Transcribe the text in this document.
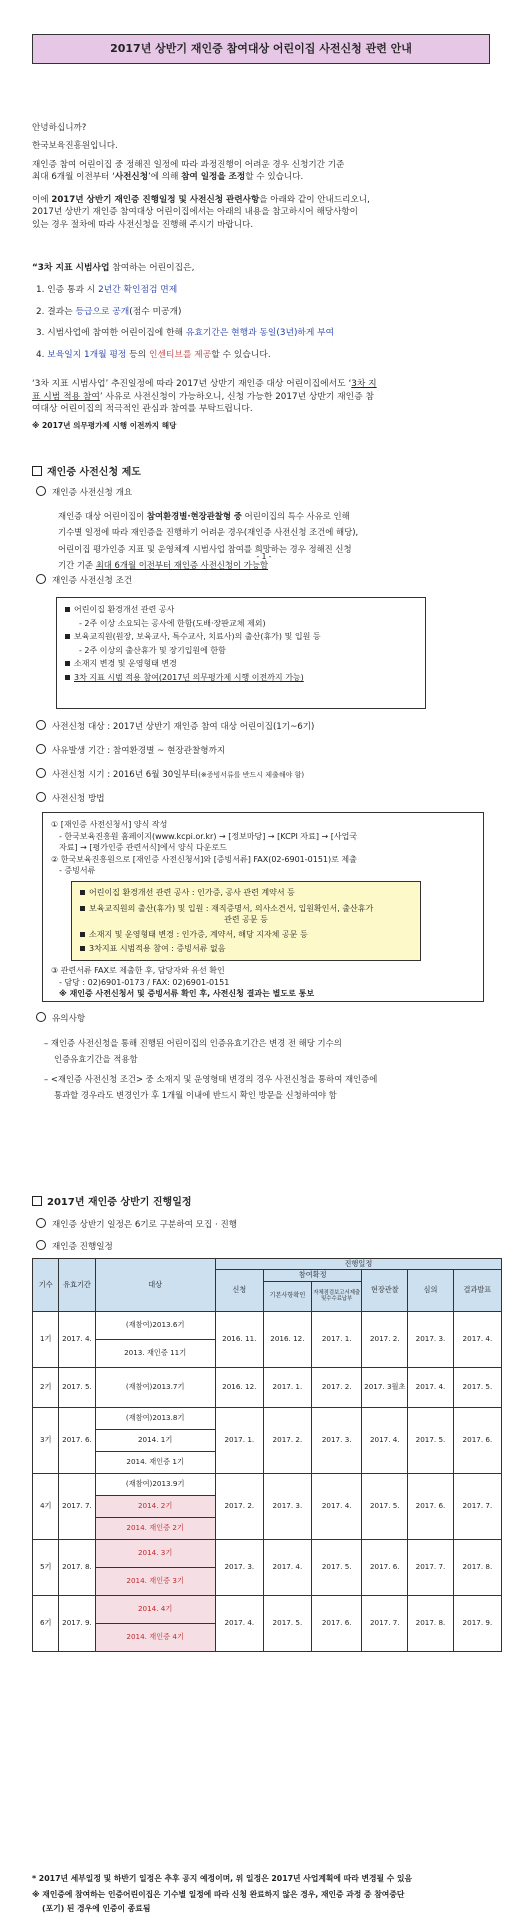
2017년 상반기 재인증 참여대상 어린이집 사전신청 관련 안내

안녕하십니까?

한국보육진흥원입니다.

재인증 참여 어린이집 중 정해진 일정에 따라 과정진행이 어려운 경우 신청기간 기준

최대 6개월 이전부터 ‘사전신청’에 의해 참여 일정을 조정할 수 있습니다.

이에 2017년 상반기 재인증 진행일정 및 사전신청 관련사항을 아래와 같이 안내드리오니,

2017년 상반기 재인증 참여대상 어린이집에서는 아래의 내용을 참고하시어 해당사항이

있는 경우 절차에 따라 사전신청을 진행해 주시기 바랍니다.

“3차 지표 시범사업 참여하는 어린이집은,

1. 인증 통과 시 2년간 확인점검 면제

2. 결과는 등급으로 공개(점수 미공개)

3. 시범사업에 참여한 어린이집에 한해 유효기간은 현행과 동일(3년)하게 부여

4. 보육일지 1개월 평정 등의 인센티브를 제공할 수 있습니다.

‘3차 지표 시범사업’ 추진일정에 따라 2017년 상반기 재인증 대상 어린이집에서도 ‘3차 지

표 시범 적용 참여’ 사유로 사전신청이 가능하오니, 신청 가능한 2017년 상반기 재인증 참

여대상 어린이집의 적극적인 관심과 참여를 부탁드립니다.

※ 2017년 의무평가제 시행 이전까지 해당

재인증 사전신청 제도
재인증 사전신청 개요

재인증 대상 어린이집이 참여환경별·현장관찰형 중 어린이집의 특수 사유로 인해

기수별 일정에 따라 재인증을 진행하기 어려운 경우(재인증 사전신청 조건에 해당),

어린이집 평가인증 지표 및 운영체계 시범사업 참여를 희망하는 경우 정해진 신청

기간 기준 최대 6개월 이전부터 재인증 사전신청이 가능함

- 1 -
재인증 사전신청 조건
어린이집 환경개선 관련 공사
- 2주 이상 소요되는 공사에 한함(도배·장판교체 제외)
보육교직원(원장, 보육교사, 특수교사, 치료사)의 출산(휴가) 및 입원 등
- 2주 이상의 출산휴가 및 장기입원에 한함
소재지 변경 및 운영형태 변경
3차 지표 시범 적용 참여(2017년 의무평가제 시행 이전까지 가능)
사전신청 대상 : 2017년 상반기 재인증 참여 대상 어린이집(1기~6기)
사유발생 기간 : 참여환경별 ~ 현장관찰형까지
사전신청 시기 : 2016년 6월 30일부터(※증빙서류를 반드시 제출해야 함)
사전신청 방법

① [재인증 사전신청서] 양식 작성

- 한국보육진흥원 홈페이지(www.kcpi.or.kr) → [정보마당] → [KCPI 자료] → [사업국

자료] → [평가인증 관련서식]에서 양식 다운로드

② 한국보육진흥원으로 [재인증 사전신청서]와 [증빙서류] FAX(02-6901-0151)로 제출

- 증빙서류

어린이집 환경개선 관련 공사 : 인가증, 공사 관련 계약서 등
보육교직원의 출산(휴가) 및 입원 : 재직증명서, 의사소견서, 입원확인서, 출산휴가
관련 공문 등
소재지 및 운영형태 변경 : 인가증, 계약서, 해당 지자체 공문 등
3차지표 시범적용 참여 : 증빙서류 없음

③ 관련서류 FAX로 제출한 후, 담당자와 유선 확인

- 담당 : 02)6901-0173 / FAX: 02)6901-0151

※ 재인증 사전신청서 및 증빙서류 확인 후, 사전신청 결과는 별도로 통보

유의사항

– 재인증 사전신청을 통해 진행된 어린이집의 인증유효기간은 변경 전 해당 기수의

인증유효기간을 적용함

– <재인증 사전신청 조건> 중 소재지 및 운영형태 변경의 경우 사전신청을 통하여 재인증에

통과할 경우라도 변경인가 후 1개월 이내에 반드시 확인 방문을 신청하여야 함

2017년 재인증 상반기 진행일정
재인증 상반기 일정은 6기로 구분하여 모집 · 진행
재인증 진행일정
기수	유효기간	대상	진행일정					
			신청	참여확정		현장관찰	심의	결과발표
				기본사항확인	자체점검보고서제출및수수료납부			
1기	2017. 4.	(재참여)2013.6기	2016. 11.	2016. 12.	2017. 1.	2017. 2.	2017. 3.	2017. 4.
		2013. 재인증 11기						
2기	2017. 5.	(재참여)2013.7기	2016. 12.	2017. 1.	2017. 2.	2017. 3월초	2017. 4.	2017. 5.
3기	2017. 6.	(재참여)2013.8기	2017. 1.	2017. 2.	2017. 3.	2017. 4.	2017. 5.	2017. 6.
		2014. 1기						
		2014. 재인증 1기						
4기	2017. 7.	(재참여)2013.9기	2017. 2.	2017. 3.	2017. 4.	2017. 5.	2017. 6.	2017. 7.
		2014. 2기						
		2014. 재인증 2기						
5기	2017. 8.	2014. 3기	2017. 3.	2017. 4.	2017. 5.	2017. 6.	2017. 7.	2017. 8.
		2014. 재인증 3기						
6기	2017. 9.	2014. 4기	2017. 4.	2017. 5.	2017. 6.	2017. 7.	2017. 8.	2017. 9.
		2014. 재인증 4기						
* 2017년 세부일정 및 하반기 일정은 추후 공지 예정이며, 위 일정은 2017년 사업계획에 따라 변경될 수 있음
※ 재인증에 참여하는 인증어린이집은 기수별 일정에 따라 신청 완료하지 않은 경우, 재인증 과정 중 참여중단
(포기) 된 경우에 인증이 종료됨
